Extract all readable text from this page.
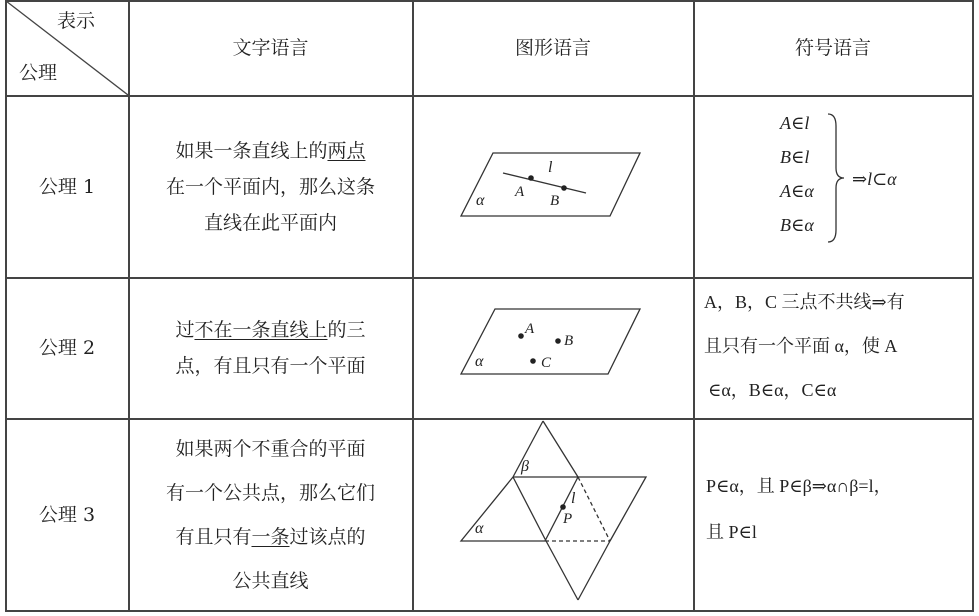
表示
公理
文字语言	图形语言	符号语言
公理 1
如果一条直线上的两点
在一个平面内，那么这条
直线在此平面内
l
A
B
α
A∈l
B∈l
A∈α
B∈α
⇒l⊂α
公理 2
过不在一条直线上的三
点，有且只有一个平面
A
B
C
α
A，B，C 三点不共线⇒有
且只有一个平面 α，使 A
∈α，B∈α，C∈α
公理 3
如果两个不重合的平面
有一个公共点，那么它们
有且只有一条过该点的
公共直线
β
l
P
α
P∈α，且 P∈β⇒α∩β=l，
且 P∈l
